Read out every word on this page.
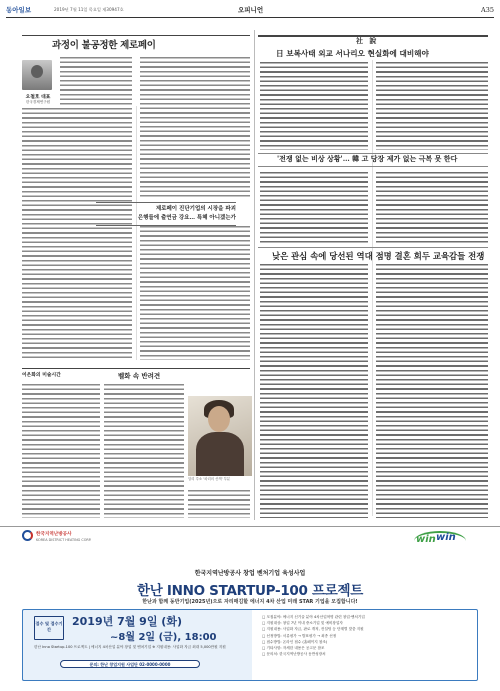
동아일보	2019년 7월 11일 목요일 제30947호	오피니언	A35
과정이 불공정한 제로페이
오철호 대표
한국경제연구원
제로페이 진단기업의 시장을 파괴
은행들에 출연금 강요… 특혜 아니겠는가
이은화의 미술시간	벨화 속 반려견
앙리 루소 '파리의 산책' 부분
社 說
日 보복사태 외교 서나리오 현실화에 대비해야
'전쟁 없는 비상 상황'… 韓 고 당장 제가 없는 극복 못 한다
낮은 관심 속에 당선된 역대 점명 결혼 회두 교육감들 전쟁
한국지역난방공사
KOREA DISTRICT HEATING CORP.	win win
한국지역난방공사 창업 벤처기업 육성사업
한난 INNO STARTUP-100 프로젝트
한난과 함께 동반기업(2025년)으로 자리매김할 에너지 4차 산업 미래 STAR 기업을 모집합니다!
접수 및 접수기간
2019년 7월 9일 (화)
~8월 2일 (금), 18:00
한난 Inno Startup-100 프로젝트 | 에너지 4차산업 분야 창업 및 벤처기업 ※ 지원내용: 사업화 자금 최대 5,000만원 지원
문의: 한난 창업지원 사업단 02-0000-0000
□ 모집분야: 에너지 신기술 분야 4차산업혁명 관련 창업·벤처기업
□ 지원대상: 창업 7년 이내 중소기업 및 예비창업자
□ 지원내용: 사업화 자금, 판로 개척, 컨설팅 등 단계별 맞춤 지원
□ 선정방법: 서류평가 → 발표평가 → 최종 선정
□ 접수방법: 온라인 접수 (홈페이지 참조)
□ 기타사항: 자세한 내용은 공고문 참조
□ 문의처: 한국지역난방공사 동반성장처
